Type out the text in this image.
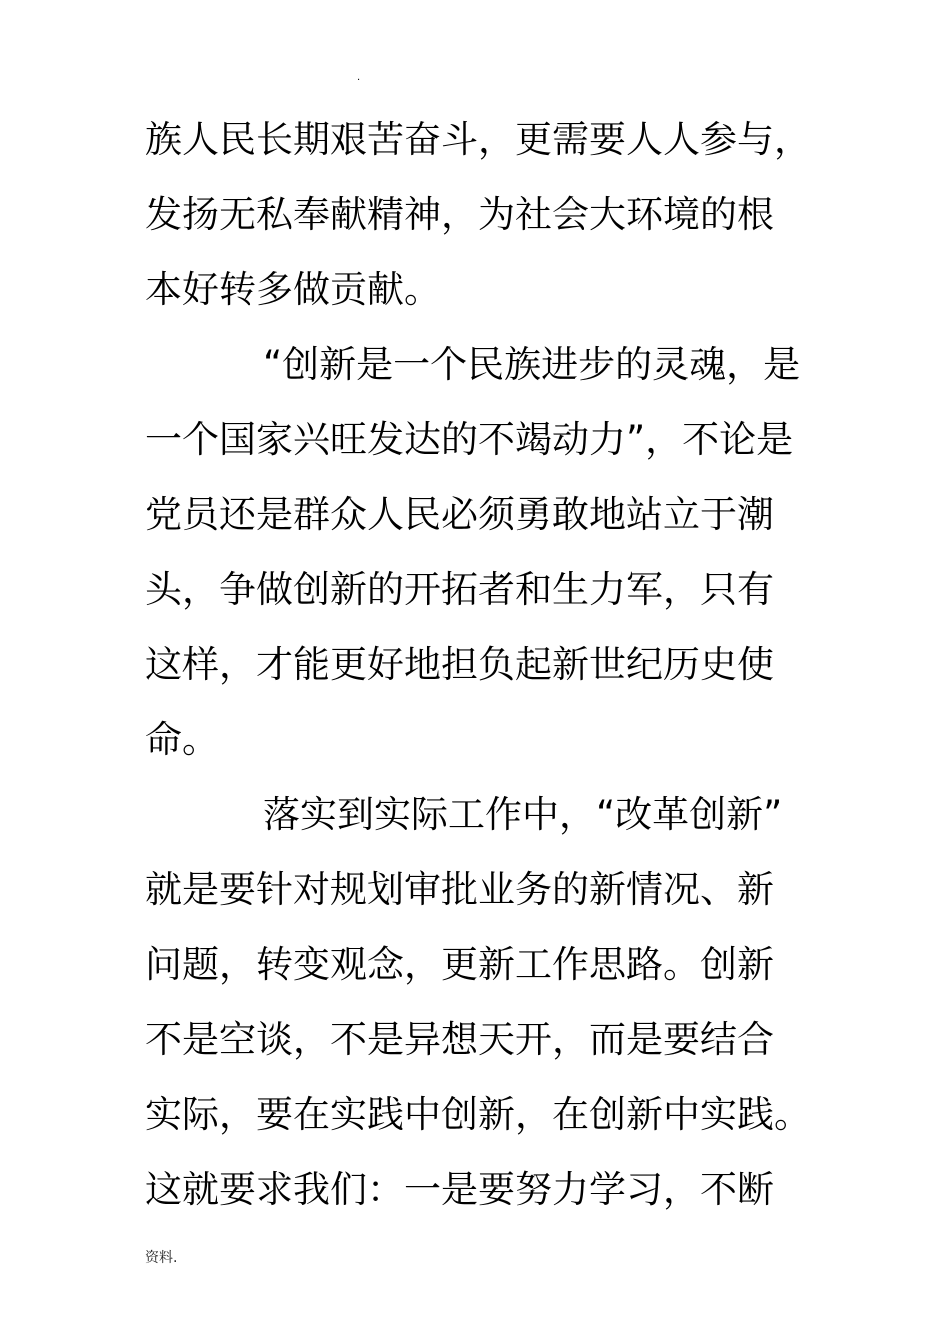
.
族人民长期艰苦奋斗，更需要人人参与，
发扬无私奉献精神，为社会大环境的根
本好转多做贡献。
“创新是一个民族进步的灵魂，是
一个国家兴旺发达的不竭动力”，不论是
党员还是群众人民必须勇敢地站立于潮
头，争做创新的开拓者和生力军，只有
这样，才能更好地担负起新世纪历史使
命。
落实到实际工作中，“改革创新”
就是要针对规划审批业务的新情况、新
问题，转变观念，更新工作思路。创新
不是空谈，不是异想天开，而是要结合
实际，要在实践中创新，在创新中实践。
这就要求我们：一是要努力学习，不断
资料.
